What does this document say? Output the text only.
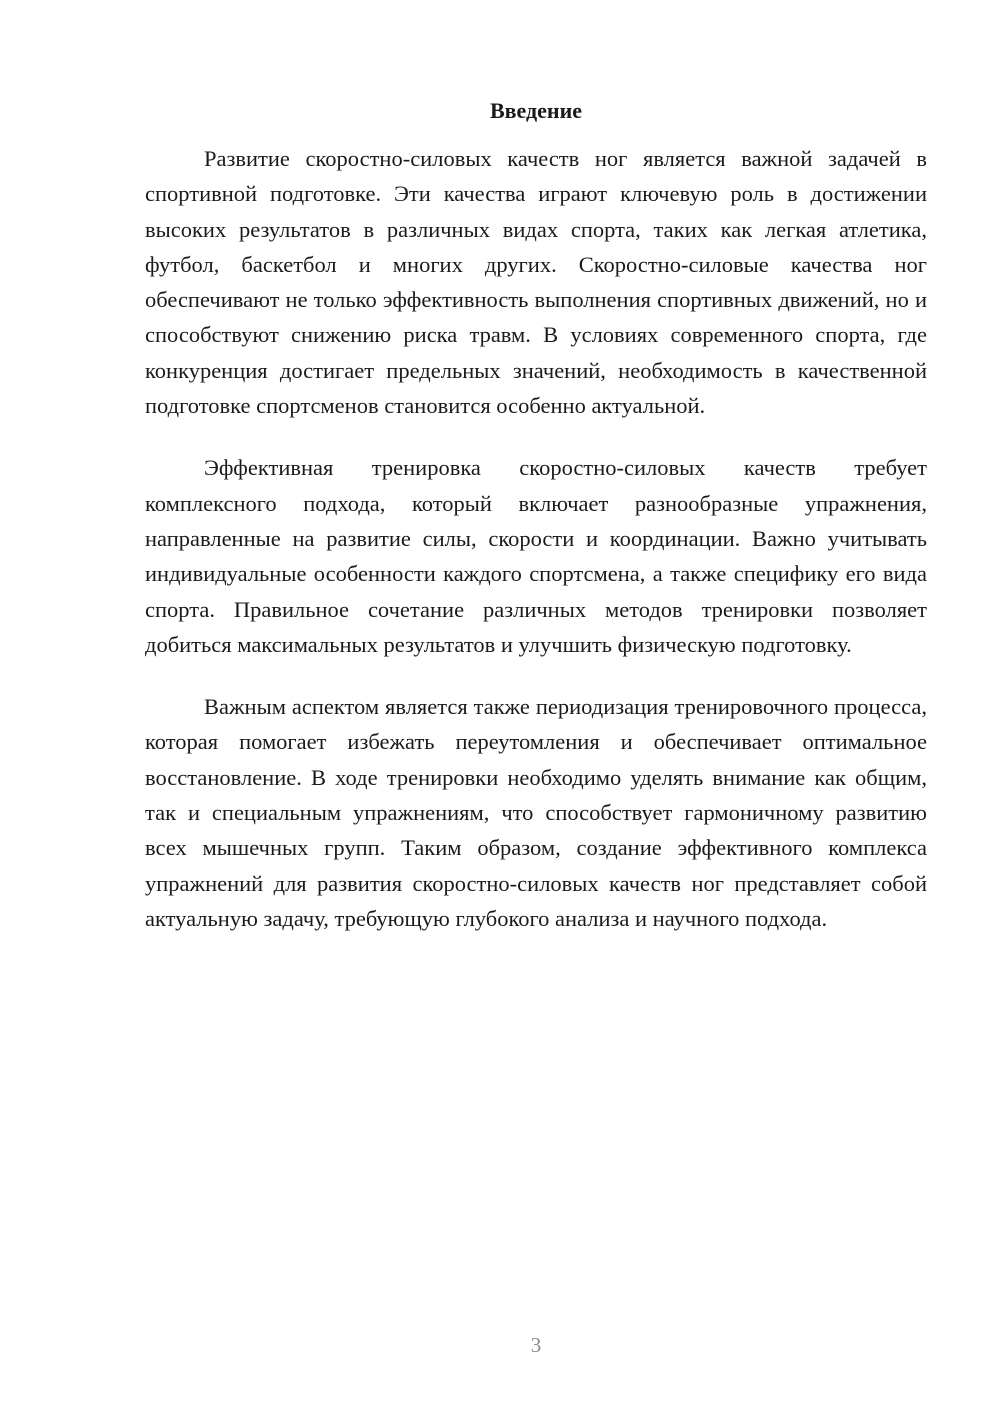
Введение

Развитие скоростно-силовых качеств ног является важной задачей в спортивной подготовке. Эти качества играют ключевую роль в достижении высоких результатов в различных видах спорта, таких как легкая атлетика, футбол, баскетбол и многих других. Скоростно-силовые качества ног обеспечивают не только эффективность выполнения спортивных движений, но и способствуют снижению риска травм. В условиях современного спорта, где конкуренция достигает предельных значений, необходимость в качественной подготовке спортсменов становится особенно актуальной.

Эффективная тренировка скоростно-силовых качеств требует комплексного подхода, который включает разнообразные упражнения, направленные на развитие силы, скорости и координации. Важно учитывать индивидуальные особенности каждого спортсмена, а также специфику его вида спорта. Правильное сочетание различных методов тренировки позволяет добиться максимальных результатов и улучшить физическую подготовку.

Важным аспектом является также периодизация тренировочного процесса, которая помогает избежать переутомления и обеспечивает оптимальное восстановление. В ходе тренировки необходимо уделять внимание как общим, так и специальным упражнениям, что способствует гармоничному развитию всех мышечных групп. Таким образом, создание эффективного комплекса упражнений для развития скоростно-силовых качеств ног представляет собой актуальную задачу, требующую глубокого анализа и научного подхода.

3
